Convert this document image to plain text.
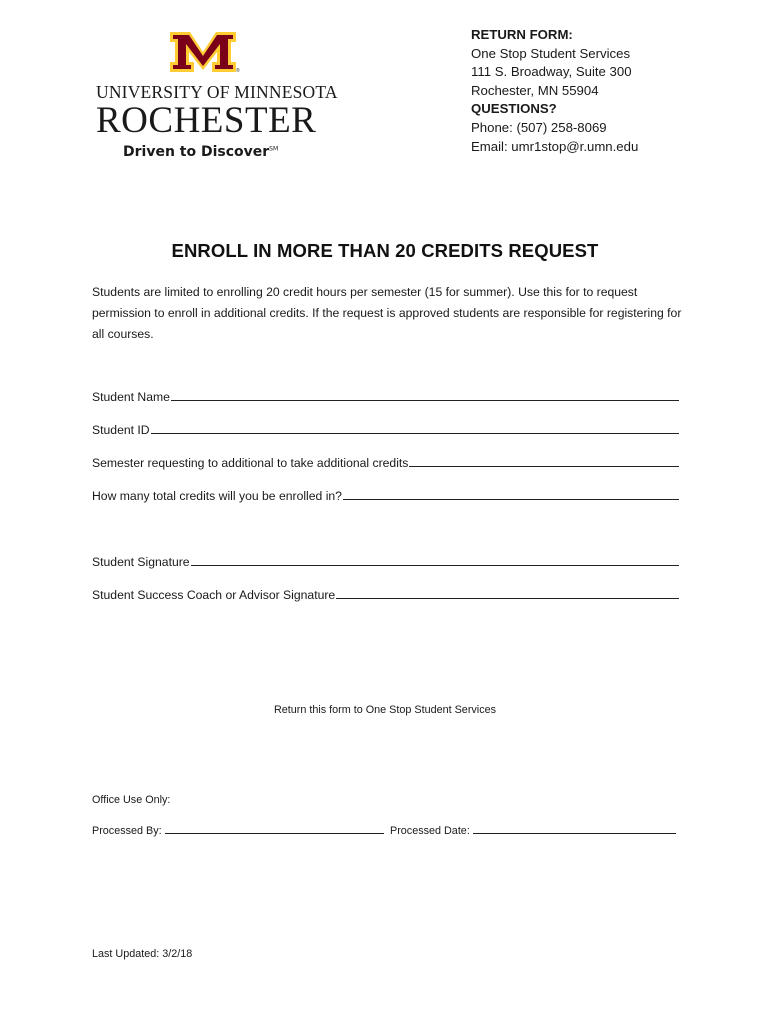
®
UNIVERSITY OF MINNESOTA
ROCHESTER
Driven to Discover℠
RETURN FORM:
One Stop Student Services
111 S. Broadway, Suite 300
Rochester, MN 55904
QUESTIONS?
Phone: (507) 258-8069
Email: umr1stop@r.umn.edu
ENROLL IN MORE THAN 20 CREDITS REQUEST
Students are limited to enrolling 20 credit hours per semester (15 for summer). Use this for to request permission to enroll in additional credits. If the request is approved students are responsible for registering for all courses.
Student Name
Student ID
Semester requesting to additional to take additional credits
How many total credits will you be enrolled in?
Student Signature
Student Success Coach or Advisor Signature
Return this form to One Stop Student Services
Office Use Only:
Processed By:	Processed Date:
Last Updated: 3/2/18
